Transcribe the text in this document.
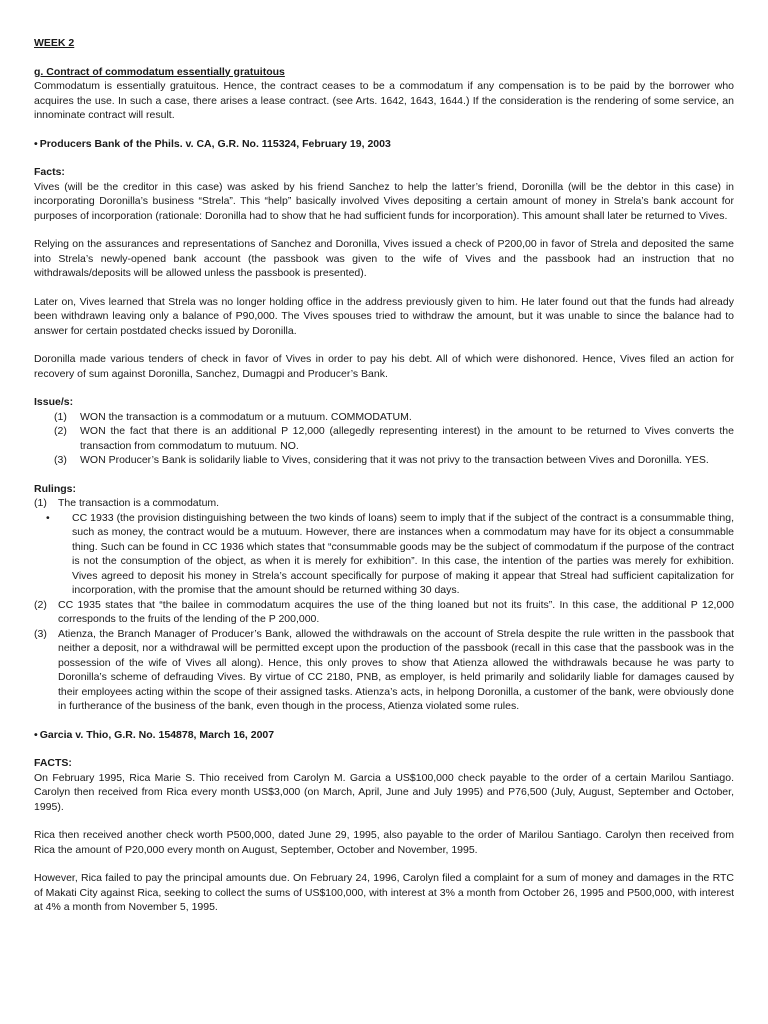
WEEK 2

g. Contract of commodatum essentially gratuitous

Commodatum is essentially gratuitous. Hence, the contract ceases to be a commodatum if any compensation is to be paid by the borrower who acquires the use. In such a case, there arises a lease contract. (see Arts. 1642, 1643, 1644.) If the consideration is the rendering of some service, an innominate contract will result.

• Producers Bank of the Phils. v. CA, G.R. No. 115324, February 19, 2003

Facts:

Vives (will be the creditor in this case) was asked by his friend Sanchez to help the latter’s friend, Doronilla (will be the debtor in this case) in incorporating Doronilla’s business “Strela”. This “help” basically involved Vives depositing a certain amount of money in Strela’s bank account for purposes of incorporation (rationale: Doronilla had to show that he had sufficient funds for incorporation). This amount shall later be returned to Vives.

Relying on the assurances and representations of Sanchez and Doronilla, Vives issued a check of P200,00 in favor of Strela and deposited the same into Strela’s newly-opened bank account (the passbook was given to the wife of Vives and the passbook had an instruction that no withdrawals/deposits will be allowed unless the passbook is presented).

Later on, Vives learned that Strela was no longer holding office in the address previously given to him. He later found out that the funds had already been withdrawn leaving only a balance of P90,000. The Vives spouses tried to withdraw the amount, but it was unable to since the balance had to answer for certain postdated checks issued by Doronilla.

Doronilla made various tenders of check in favor of Vives in order to pay his debt. All of which were dishonored. Hence, Vives filed an action for recovery of sum against Doronilla, Sanchez, Dumagpi and Producer’s Bank.

Issue/s:

(1)	WON the transaction is a commodatum or a mutuum. COMMODATUM.
(2)	WON the fact that there is an additional P 12,000 (allegedly representing interest) in the amount to be returned to Vives converts the transaction from commodatum to mutuum. NO.
(3)	WON Producer’s Bank is solidarily liable to Vives, considering that it was not privy to the transaction between Vives and Doronilla. YES.

Rulings:

(1)	The transaction is a commodatum.
•	CC 1933 (the provision distinguishing between the two kinds of loans) seem to imply that if the subject of the contract is a consummable thing, such as money, the contract would be a mutuum. However, there are instances when a commodatum may have for its object a consummable thing. Such can be found in CC 1936 which states that “consummable goods may be the subject of commodatum if the purpose of the contract is not the consumption of the object, as when it is merely for exhibition”. In this case, the intention of the parties was merely for exhibition. Vives agreed to deposit his money in Strela’s account specifically for purpose of making it appear that Streal had sufficient capitalization for incorporation, with the promise that the amount should be returned withing 30 days.
(2)	CC 1935 states that “the bailee in commodatum acquires the use of the thing loaned but not its fruits”. In this case, the additional P 12,000 corresponds to the fruits of the lending of the P 200,000.
(3)	Atienza, the Branch Manager of Producer’s Bank, allowed the withdrawals on the account of Strela despite the rule written in the passbook that neither a deposit, nor a withdrawal will be permitted except upon the production of the passbook (recall in this case that the passbook was in the possession of the wife of Vives all along). Hence, this only proves to show that Atienza allowed the withdrawals because he was party to Doronilla’s scheme of defrauding Vives. By virtue of CC 2180, PNB, as employer, is held primarily and solidarily liable for damages caused by their employees acting within the scope of their assigned tasks. Atienza’s acts, in helpong Doronilla, a customer of the bank, were obviously done in furtherance of the business of the bank, even though in the process, Atienza violated some rules.
• Garcia v. Thio, G.R. No. 154878, March 16, 2007

FACTS:

On February 1995, Rica Marie S. Thio received from Carolyn M. Garcia a US$100,000 check payable to the order of a certain Marilou Santiago. Carolyn then received from Rica every month US$3,000 (on March, April, June and July 1995) and P76,500 (July, August, September and October, 1995).

Rica then received another check worth P500,000, dated June 29, 1995, also payable to the order of Marilou Santiago. Carolyn then received from Rica the amount of P20,000 every month on August, September, October and November, 1995.

However, Rica failed to pay the principal amounts due. On February 24, 1996, Carolyn filed a complaint for a sum of money and damages in the RTC of Makati City against Rica, seeking to collect the sums of US$100,000, with interest at 3% a month from October 26, 1995 and P500,000, with interest at 4% a month from November 5, 1995.
